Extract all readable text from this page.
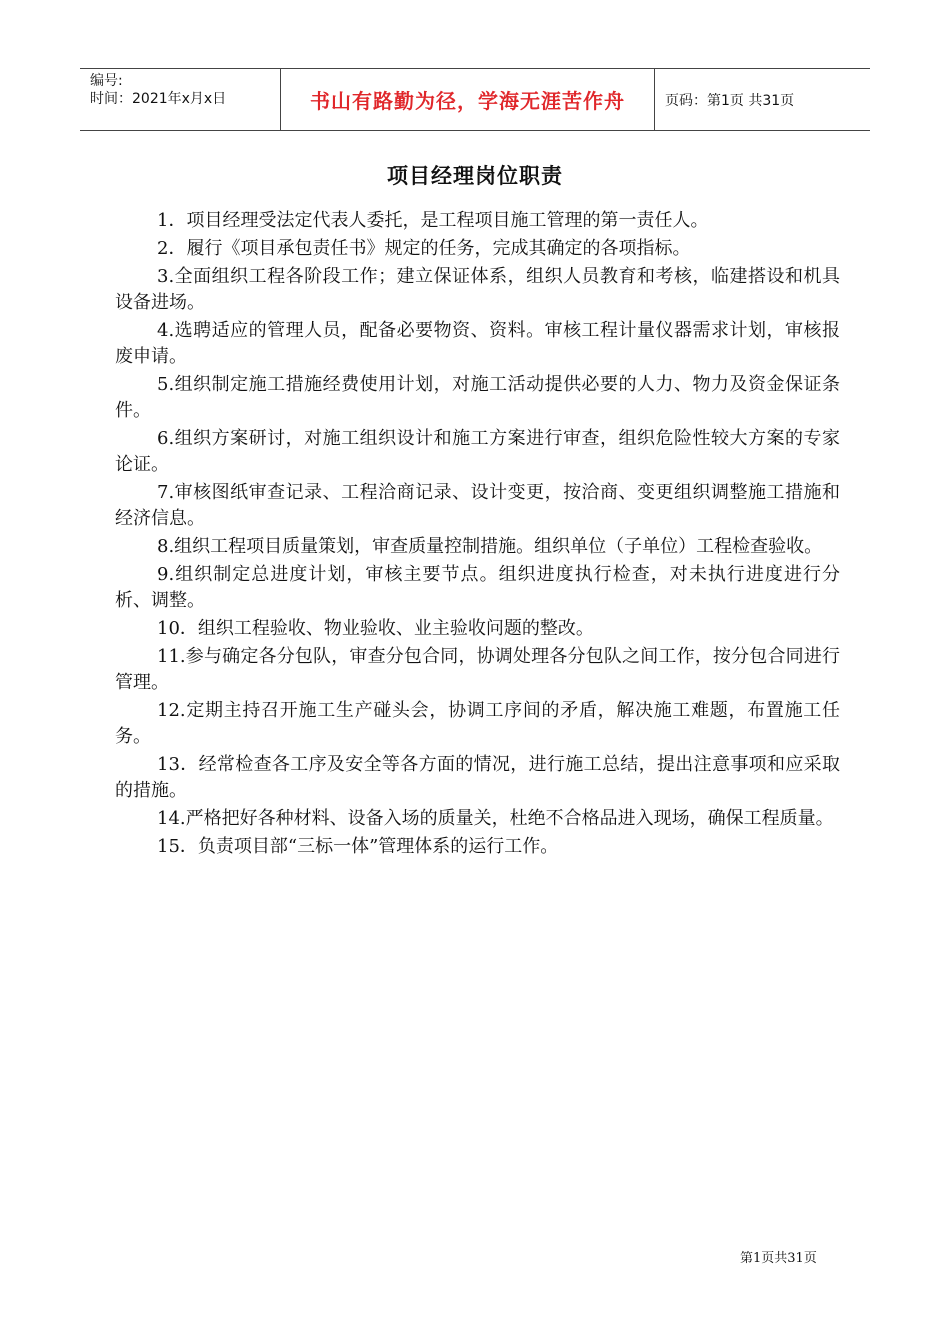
编号:
时间：2021年x月x日	书山有路勤为径，学海无涯苦作舟	页码：第1页 共31页
项目经理岗位职责

1．项目经理受法定代表人委托，是工程项目施工管理的第一责任人。

2．履行《项目承包责任书》规定的任务，完成其确定的各项指标。

3.全面组织工程各阶段工作；建立保证体系，组织人员教育和考核，临建搭设和机具设备进场。

4.选聘适应的管理人员，配备必要物资、资料。审核工程计量仪器需求计划，审核报废申请。

5.组织制定施工措施经费使用计划，对施工活动提供必要的人力、物力及资金保证条件。

6.组织方案研讨，对施工组织设计和施工方案进行审查，组织危险性较大方案的专家论证。

7.审核图纸审查记录、工程洽商记录、设计变更，按洽商、变更组织调整施工措施和经济信息。

8.组织工程项目质量策划，审查质量控制措施。组织单位（子单位）工程检查验收。

9.组织制定总进度计划，审核主要节点。组织进度执行检查，对未执行进度进行分析、调整。

10．组织工程验收、物业验收、业主验收问题的整改。

11.参与确定各分包队，审查分包合同，协调处理各分包队之间工作，按分包合同进行管理。

12.定期主持召开施工生产碰头会，协调工序间的矛盾，解决施工难题，布置施工任务。

13．经常检查各工序及安全等各方面的情况，进行施工总结，提出注意事项和应采取的措施。

14.严格把好各种材料、设备入场的质量关，杜绝不合格品进入现场，确保工程质量。

15．负责项目部“三标一体”管理体系的运行工作。

第1页共31页
